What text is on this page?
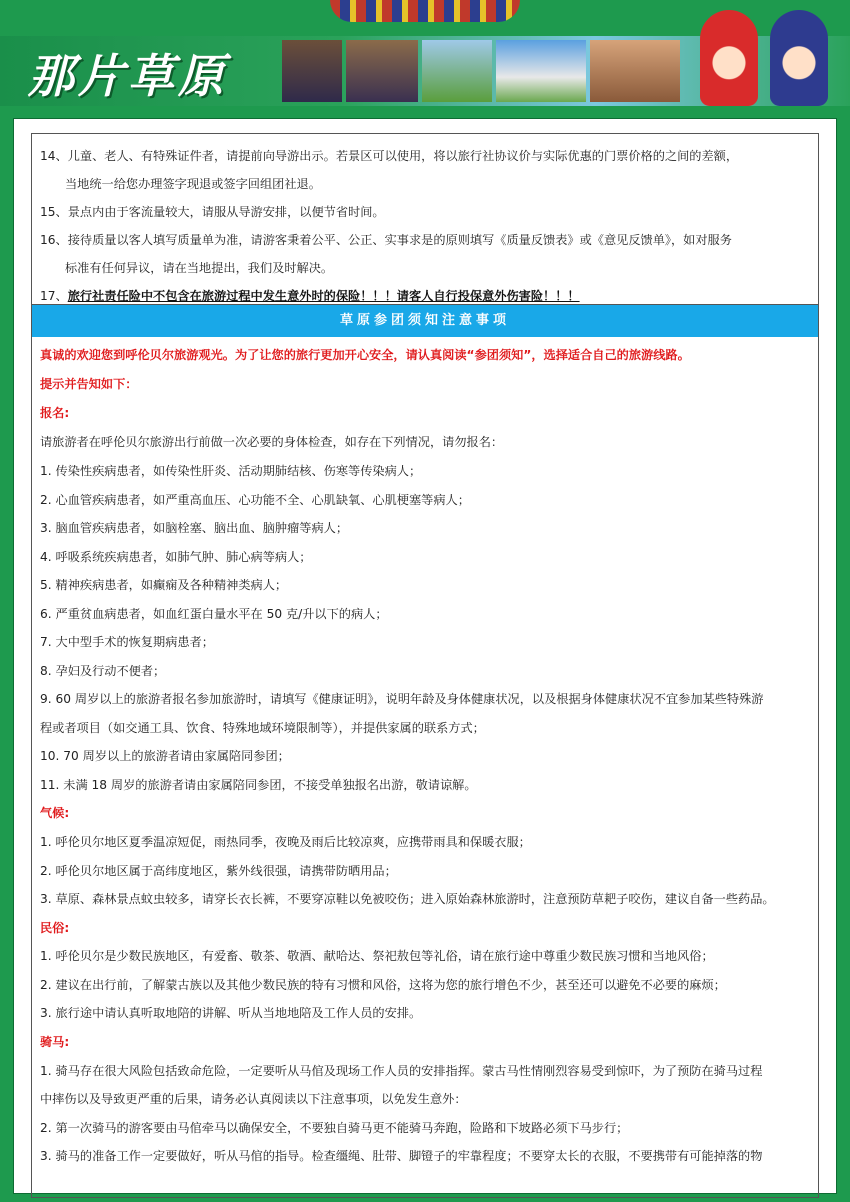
那片草原
14、儿童、老人、有特殊证件者，请提前向导游出示。若景区可以使用，将以旅行社协议价与实际优惠的门票价格的之间的差额，
当地统一给您办理签字现退或签字回组团社退。
15、景点内由于客流量较大，请服从导游安排，以便节省时间。
16、接待质量以客人填写质量单为准，请游客秉着公平、公正、实事求是的原则填写《质量反馈表》或《意见反馈单》，如对服务
标准有任何异议，请在当地提出，我们及时解决。
17、旅行社责任险中不包含在旅游过程中发生意外时的保险！！！请客人自行投保意外伤害险！！！
草原参团须知注意事项
真诚的欢迎您到呼伦贝尔旅游观光。为了让您的旅行更加开心安全，请认真阅读“参团须知”，选择适合自己的旅游线路。
提示并告知如下：
报名:
请旅游者在呼伦贝尔旅游出行前做一次必要的身体检查，如存在下列情况，请勿报名：
1. 传染性疾病患者，如传染性肝炎、活动期肺结核、伤寒等传染病人；
2. 心血管疾病患者，如严重高血压、心功能不全、心肌缺氧、心肌梗塞等病人；
3. 脑血管疾病患者，如脑栓塞、脑出血、脑肿瘤等病人；
4. 呼吸系统疾病患者，如肺气肿、肺心病等病人；
5. 精神疾病患者，如癫痫及各种精神类病人；
6. 严重贫血病患者，如血红蛋白量水平在 50 克/升以下的病人；
7. 大中型手术的恢复期病患者；
8. 孕妇及行动不便者；
9. 60 周岁以上的旅游者报名参加旅游时，请填写《健康证明》，说明年龄及身体健康状况，以及根据身体健康状况不宜参加某些特殊游
程或者项目（如交通工具、饮食、特殊地域环境限制等），并提供家属的联系方式；
10. 70 周岁以上的旅游者请由家属陪同参团；
11. 未满 18 周岁的旅游者请由家属陪同参团，不接受单独报名出游，敬请谅解。
气候:
1. 呼伦贝尔地区夏季温凉短促，雨热同季，夜晚及雨后比较凉爽，应携带雨具和保暖衣服；
2. 呼伦贝尔地区属于高纬度地区，紫外线很强，请携带防晒用品；
3. 草原、森林景点蚊虫较多，请穿长衣长裤，不要穿凉鞋以免被咬伤；进入原始森林旅游时，注意预防草耙子咬伤，建议自备一些药品。
民俗:
1. 呼伦贝尔是少数民族地区，有爱畜、敬茶、敬酒、献哈达、祭祀敖包等礼俗，请在旅行途中尊重少数民族习惯和当地风俗；
2. 建议在出行前，了解蒙古族以及其他少数民族的特有习惯和风俗，这将为您的旅行增色不少，甚至还可以避免不必要的麻烦；
3. 旅行途中请认真听取地陪的讲解、听从当地地陪及工作人员的安排。
骑马:
1. 骑马存在很大风险包括致命危险，一定要听从马倌及现场工作人员的安排指挥。蒙古马性情刚烈容易受到惊吓，为了预防在骑马过程
中摔伤以及导致更严重的后果，请务必认真阅读以下注意事项，以免发生意外：
2. 第一次骑马的游客要由马倌牵马以确保安全，不要独自骑马更不能骑马奔跑，险路和下坡路必须下马步行；
3. 骑马的准备工作一定要做好，听从马倌的指导。检查缰绳、肚带、脚镫子的牢靠程度；不要穿太长的衣服，不要携带有可能掉落的物
